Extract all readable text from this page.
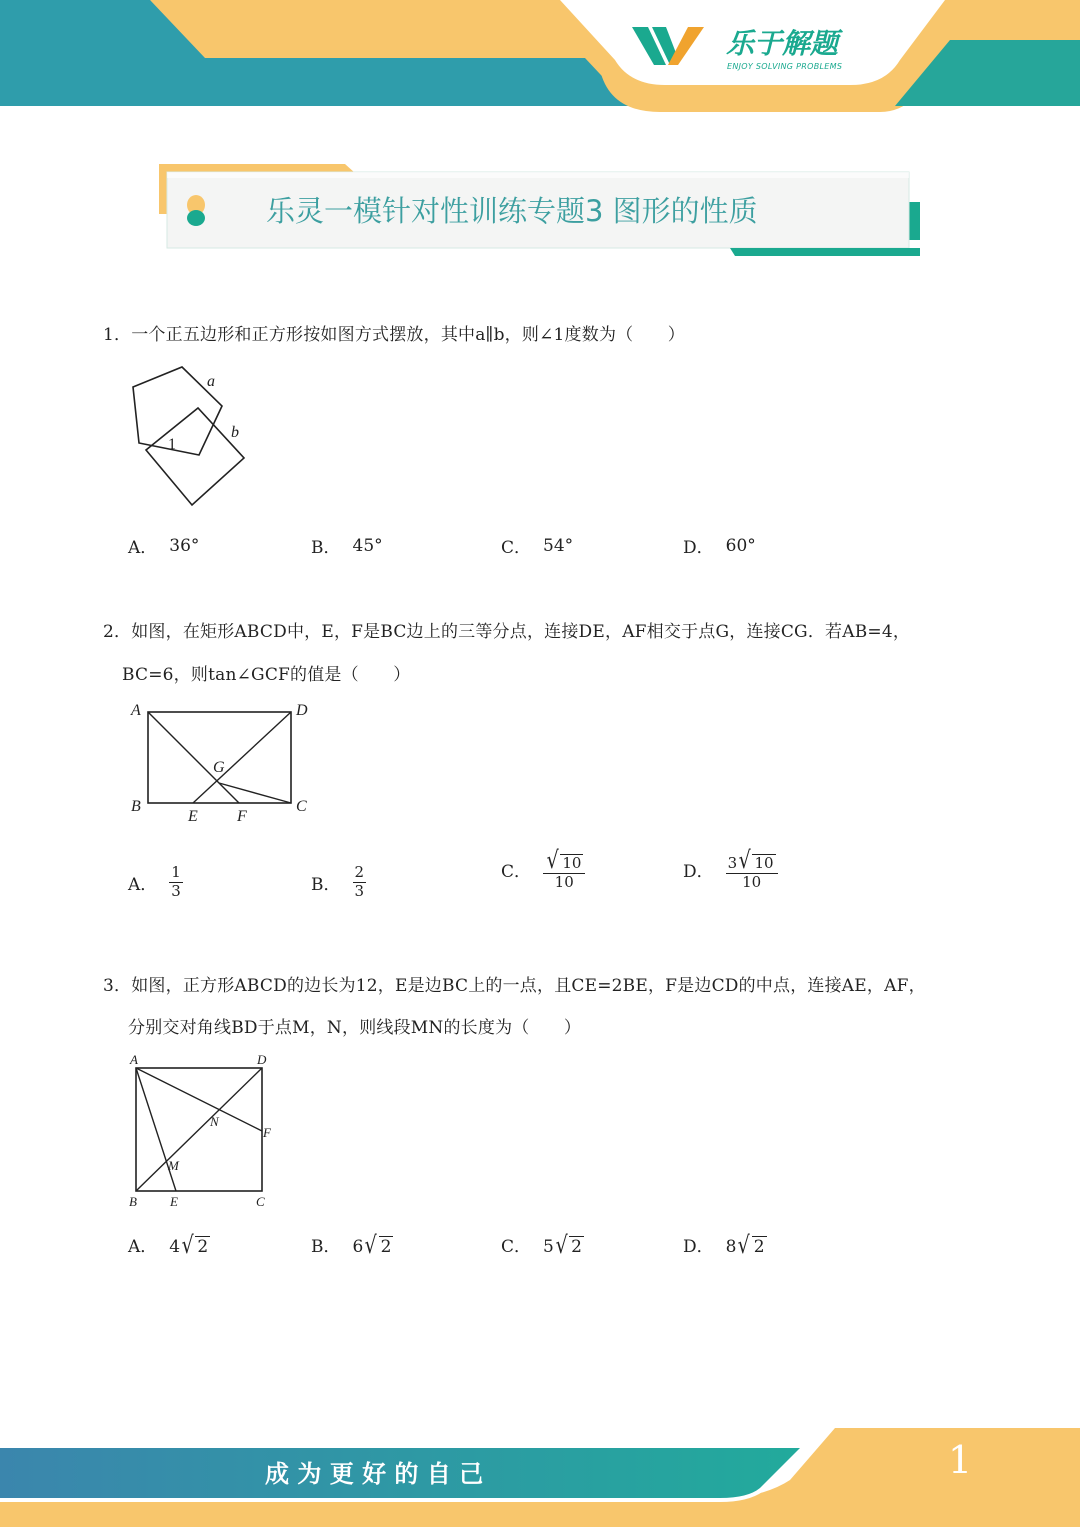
乐于解题
ENJOY SOLVING PROBLEMS
乐灵一模针对性训练专题3 图形的性质
1．一个正五边形和正方形按如图方式摆放，其中a∥b，则∠1度数为（　　）
a
b
1
A． 36°	B． 45°	C． 54°	D． 60°
2．如图，在矩形ABCD中，E，F是BC边上的三等分点，连接DE，AF相交于点G，连接CG．若AB=4，
BC=6，则tan∠GCF的值是（　　）
A	D
B	C
E F
G
A． $\frac{1}{3}$	B． $\frac{2}{3}$	C． $\frac{√ 10}{10}$	D． $\frac{3 √ 10}{10}$
3．如图，正方形ABCD的边长为12，E是边BC上的一点，且CE=2BE，F是边CD的中点，连接AE，AF，
分别交对角线BD于点M，N，则线段MN的长度为（　　）
A	D
B	E	C
F
N
M
A． 4 √ 2	B． 6 √ 2	C． 5 √ 2	D． 8 √ 2
成 为 更 好 的 自 己	1
